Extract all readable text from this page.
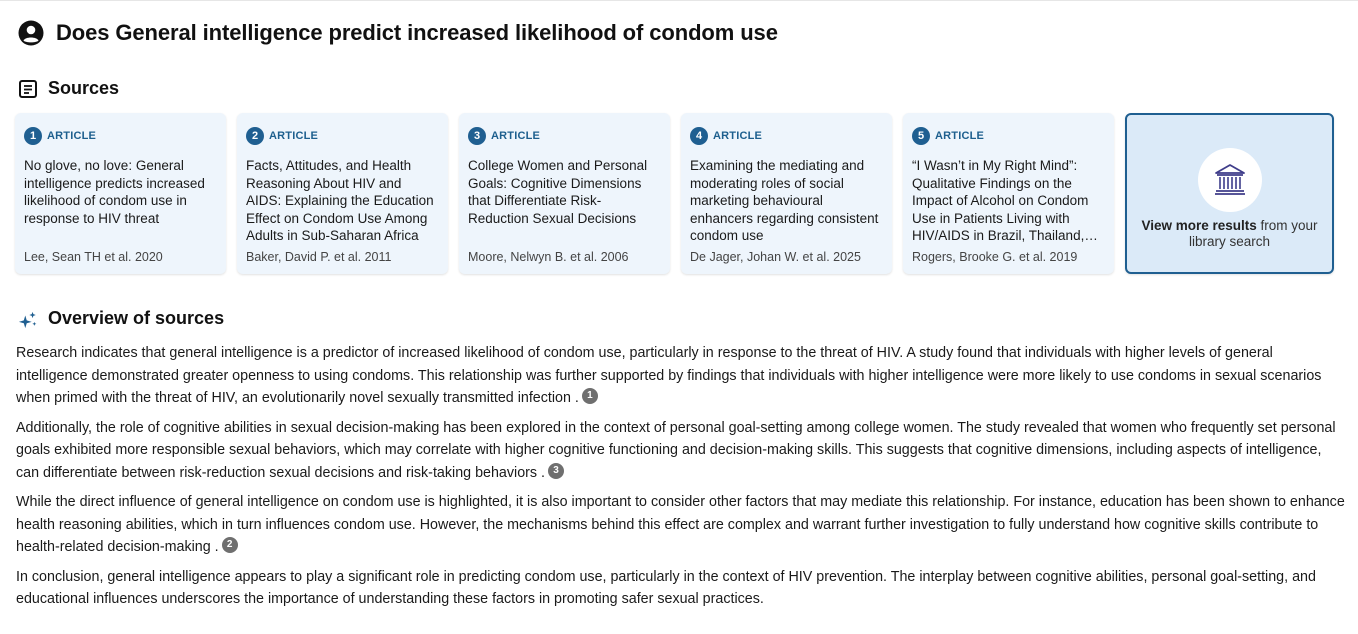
Does General intelligence predict increased likelihood of condom use
Sources
1 ARTICLE
No glove, no love: General intelligence predicts increased likelihood of condom use in response to HIV threat
Lee, Sean TH et al. 2020
2 ARTICLE
Facts, Attitudes, and Health Reasoning About HIV and AIDS: Explaining the Education Effect on Condom Use Among Adults in Sub-Saharan Africa
Baker, David P. et al. 2011
3 ARTICLE
College Women and Personal Goals: Cognitive Dimensions that Differentiate Risk-Reduction Sexual Decisions
Moore, Nelwyn B. et al. 2006
4 ARTICLE
Examining the mediating and moderating roles of social marketing behavioural enhancers regarding consistent condom use
De Jager, Johan W. et al. 2025
5 ARTICLE
“I Wasn’t in My Right Mind”: Qualitative Findings on the Impact of Alcohol on Condom Use in Patients Living with HIV/AIDS in Brazil, Thailand,
Rogers, Brooke G. et al. 2019
View more results from your library search
Overview of sources

Research indicates that general intelligence is a predictor of increased likelihood of condom use, particularly in response to the threat of HIV. A study found that individuals with higher levels of general intelligence demonstrated greater openness to using condoms. This relationship was further supported by findings that individuals with higher intelligence were more likely to use condoms in sexual scenarios when primed with the threat of HIV, an evolutionarily novel sexually transmitted infection . 1

Additionally, the role of cognitive abilities in sexual decision-making has been explored in the context of personal goal-setting among college women. The study revealed that women who frequently set personal goals exhibited more responsible sexual behaviors, which may correlate with higher cognitive functioning and decision-making skills. This suggests that cognitive dimensions, including aspects of intelligence, can differentiate between risk-reduction sexual decisions and risk-taking behaviors . 3

While the direct influence of general intelligence on condom use is highlighted, it is also important to consider other factors that may mediate this relationship. For instance, education has been shown to enhance health reasoning abilities, which in turn influences condom use. However, the mechanisms behind this effect are complex and warrant further investigation to fully understand how cognitive skills contribute to health-related decision-making . 2

In conclusion, general intelligence appears to play a significant role in predicting condom use, particularly in the context of HIV prevention. The interplay between cognitive abilities, personal goal-setting, and educational influences underscores the importance of understanding these factors in promoting safer sexual practices.
